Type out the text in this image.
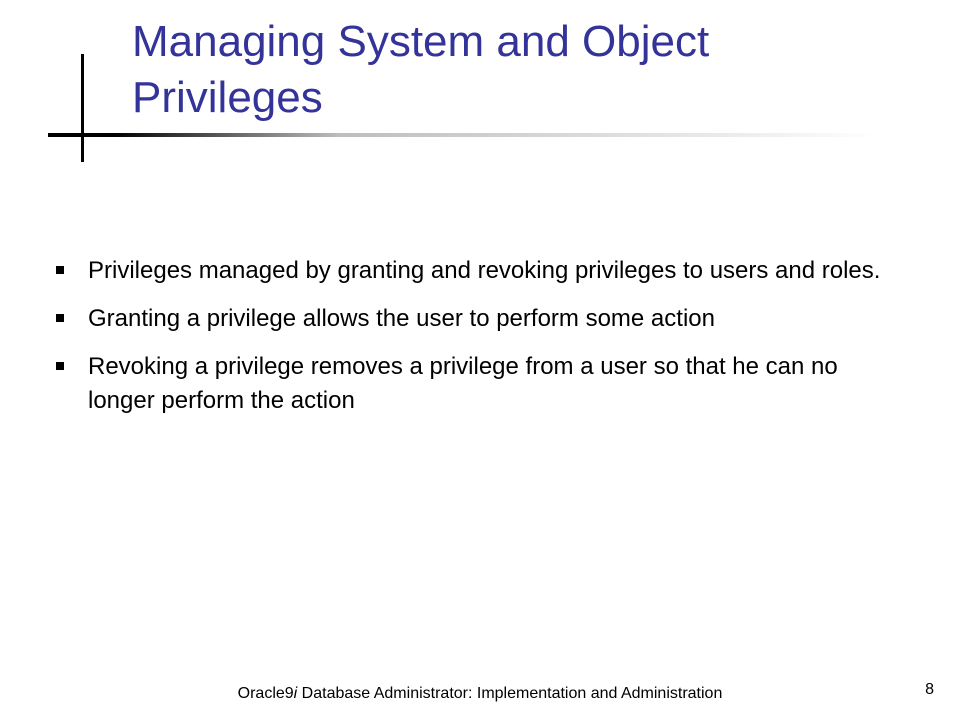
Managing System and Object Privileges
Privileges managed by granting and revoking privileges to users and roles.
Granting a privilege allows the user to perform some action
Revoking a privilege removes a privilege from a user so that he can no longer perform the action
Oracle9i Database Administrator: Implementation and Administration	8
